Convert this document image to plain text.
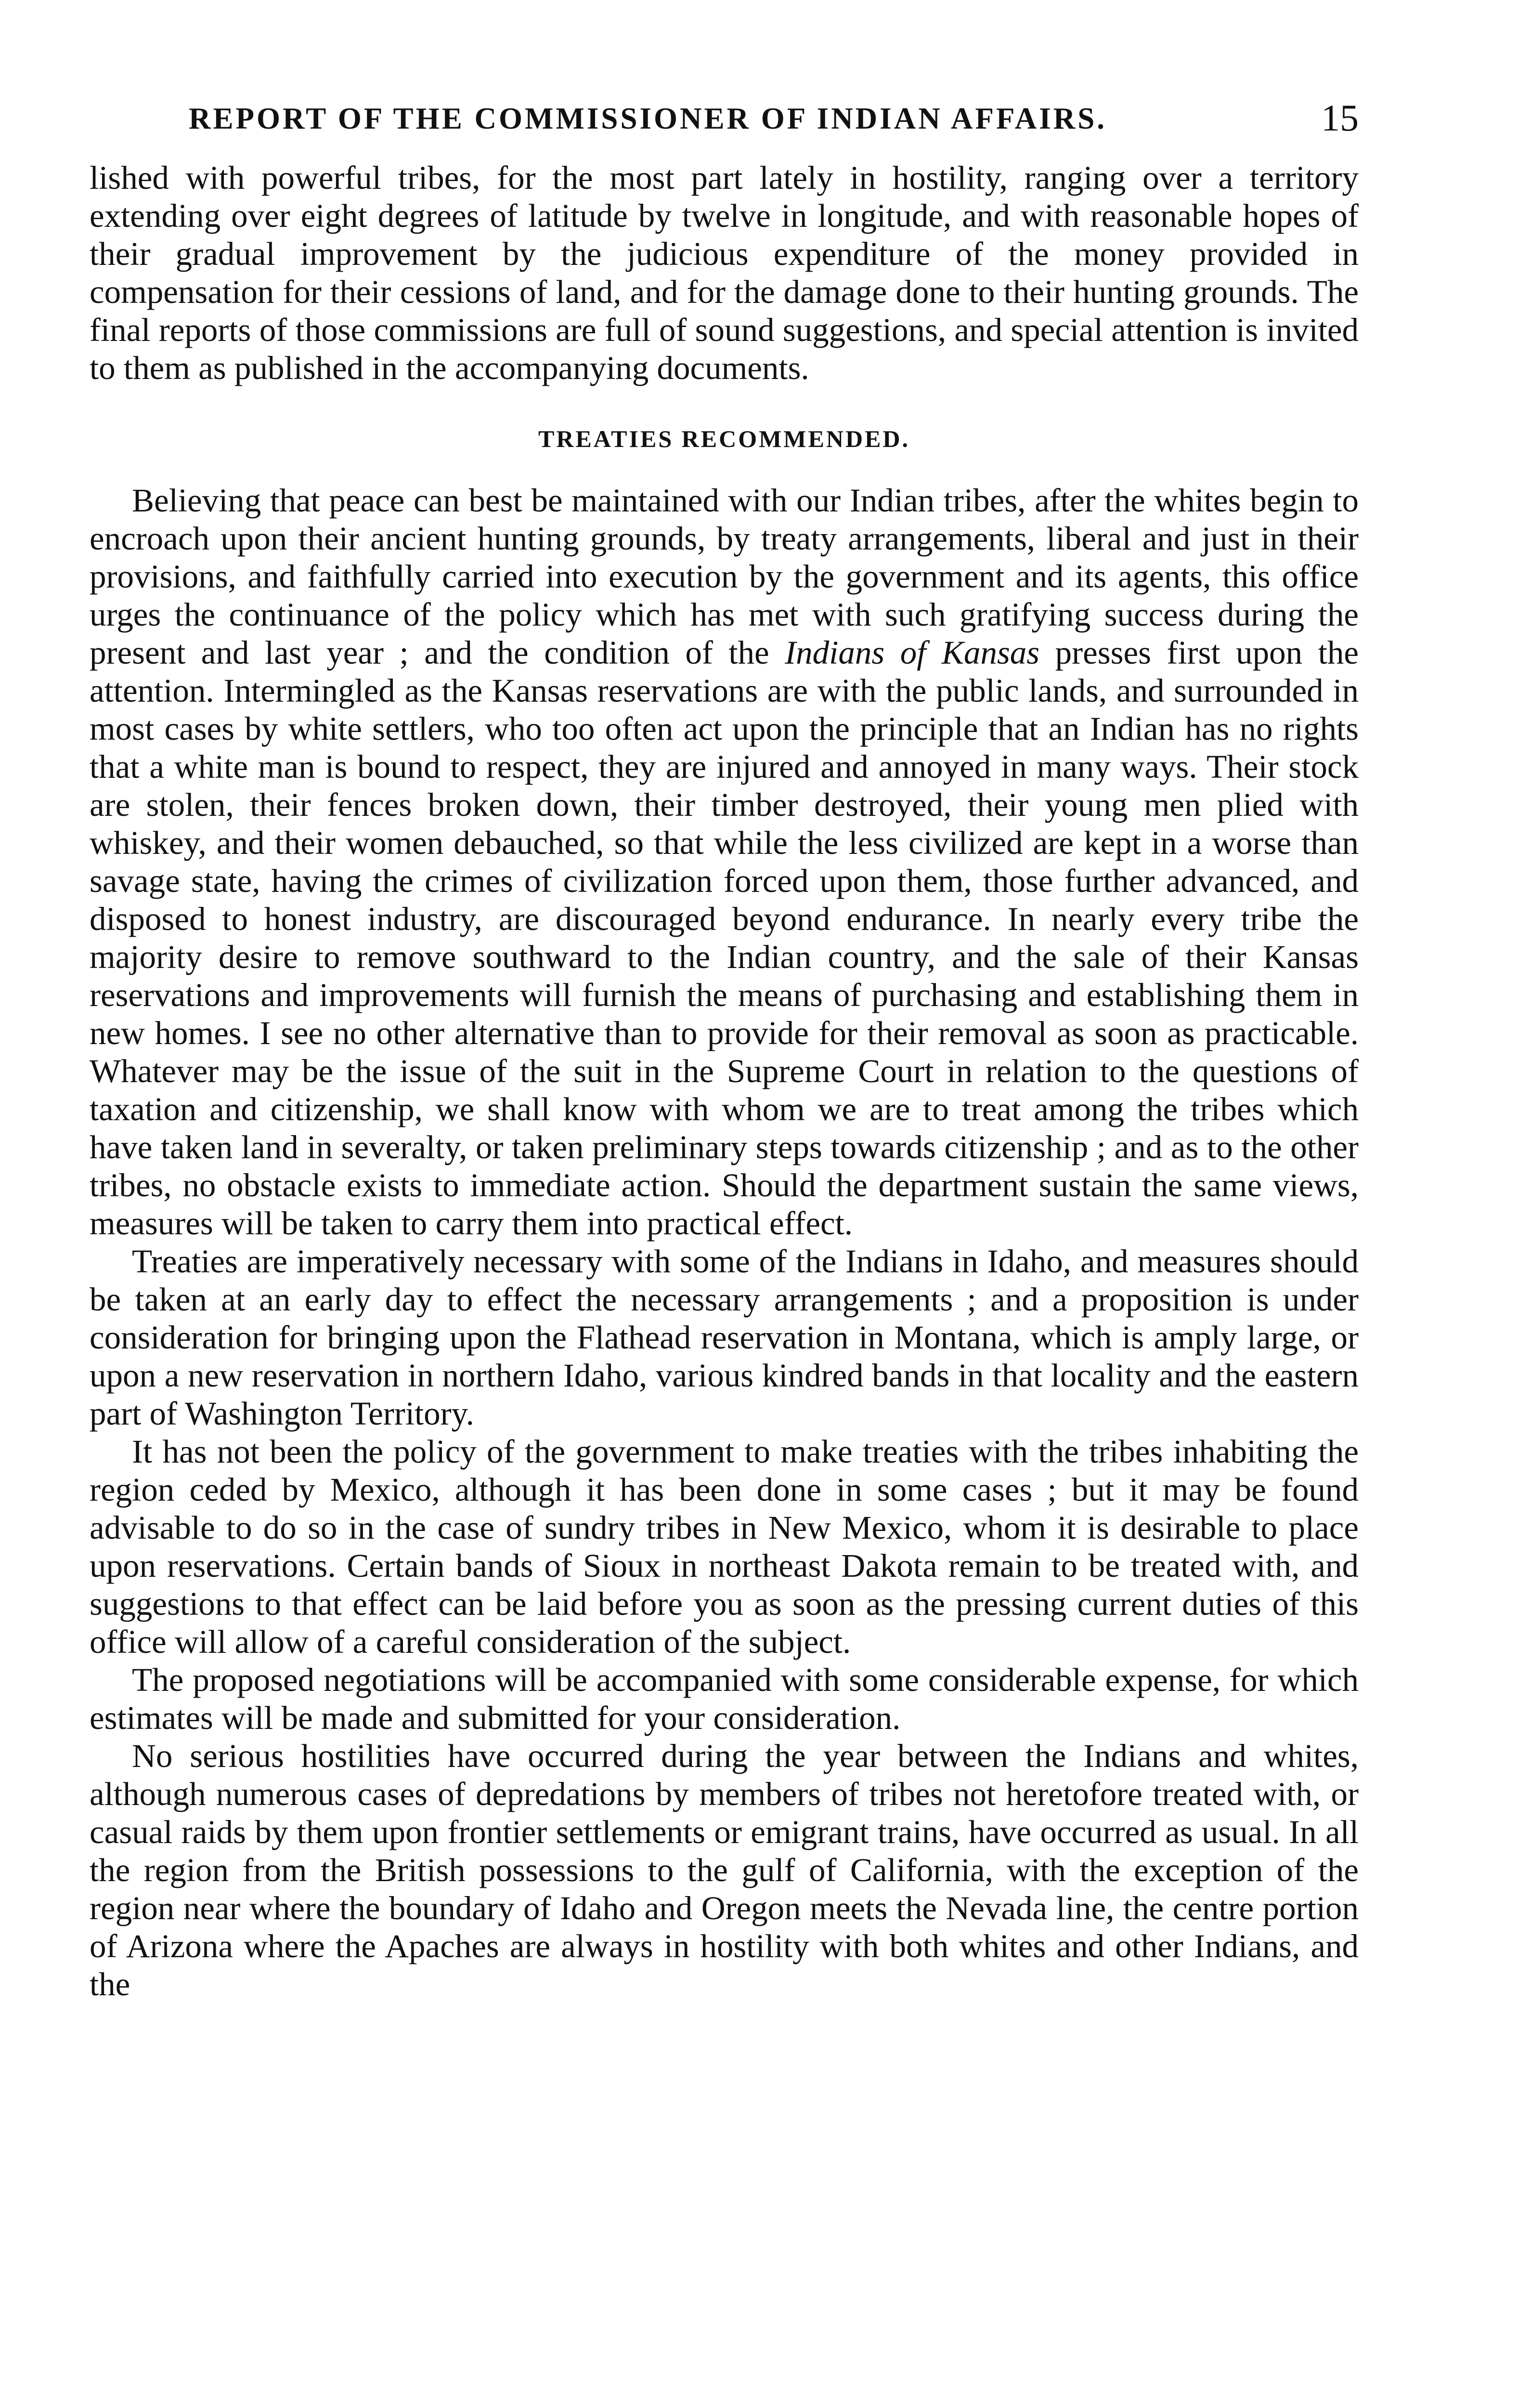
REPORT OF THE COMMISSIONER OF INDIAN AFFAIRS.	15

lished with powerful tribes, for the most part lately in hostility, ranging over a territory extending over eight degrees of latitude by twelve in longitude, and with reasonable hopes of their gradual improvement by the judicious expenditure of the money provided in compensation for their cessions of land, and for the damage done to their hunting grounds. The final reports of those commissions are full of sound suggestions, and special attention is invited to them as published in the accompanying documents.

TREATIES RECOMMENDED.

Believing that peace can best be maintained with our Indian tribes, after the whites begin to encroach upon their ancient hunting grounds, by treaty arrangements, liberal and just in their provisions, and faithfully carried into execution by the government and its agents, this office urges the continuance of the policy which has met with such gratifying success during the present and last year ; and the condition of the Indians of Kansas presses first upon the attention. Intermingled as the Kansas reservations are with the public lands, and surrounded in most cases by white settlers, who too often act upon the principle that an Indian has no rights that a white man is bound to respect, they are injured and annoyed in many ways. Their stock are stolen, their fences broken down, their timber destroyed, their young men plied with whiskey, and their women debauched, so that while the less civilized are kept in a worse than savage state, having the crimes of civilization forced upon them, those further advanced, and disposed to honest industry, are discouraged beyond endurance. In nearly every tribe the majority desire to remove southward to the Indian country, and the sale of their Kansas reservations and improvements will furnish the means of purchasing and establishing them in new homes. I see no other alternative than to provide for their removal as soon as practicable. Whatever may be the issue of the suit in the Supreme Court in relation to the questions of taxation and citizenship, we shall know with whom we are to treat among the tribes which have taken land in severalty, or taken preliminary steps towards citizenship ; and as to the other tribes, no obstacle exists to immediate action. Should the department sustain the same views, measures will be taken to carry them into practical effect.

Treaties are imperatively necessary with some of the Indians in Idaho, and measures should be taken at an early day to effect the necessary arrangements ; and a proposition is under consideration for bringing upon the Flathead reservation in Montana, which is amply large, or upon a new reservation in northern Idaho, various kindred bands in that locality and the eastern part of Washington Territory.

It has not been the policy of the government to make treaties with the tribes inhabiting the region ceded by Mexico, although it has been done in some cases ; but it may be found advisable to do so in the case of sundry tribes in New Mexico, whom it is desirable to place upon reservations. Certain bands of Sioux in northeast Dakota remain to be treated with, and suggestions to that effect can be laid before you as soon as the pressing current duties of this office will allow of a careful consideration of the subject.

The proposed negotiations will be accompanied with some considerable expense, for which estimates will be made and submitted for your consideration.

No serious hostilities have occurred during the year between the Indians and whites, although numerous cases of depredations by members of tribes not heretofore treated with, or casual raids by them upon frontier settlements or emigrant trains, have occurred as usual. In all the region from the British possessions to the gulf of California, with the exception of the region near where the boundary of Idaho and Oregon meets the Nevada line, the centre portion of Arizona where the Apaches are always in hostility with both whites and other Indians, and the
